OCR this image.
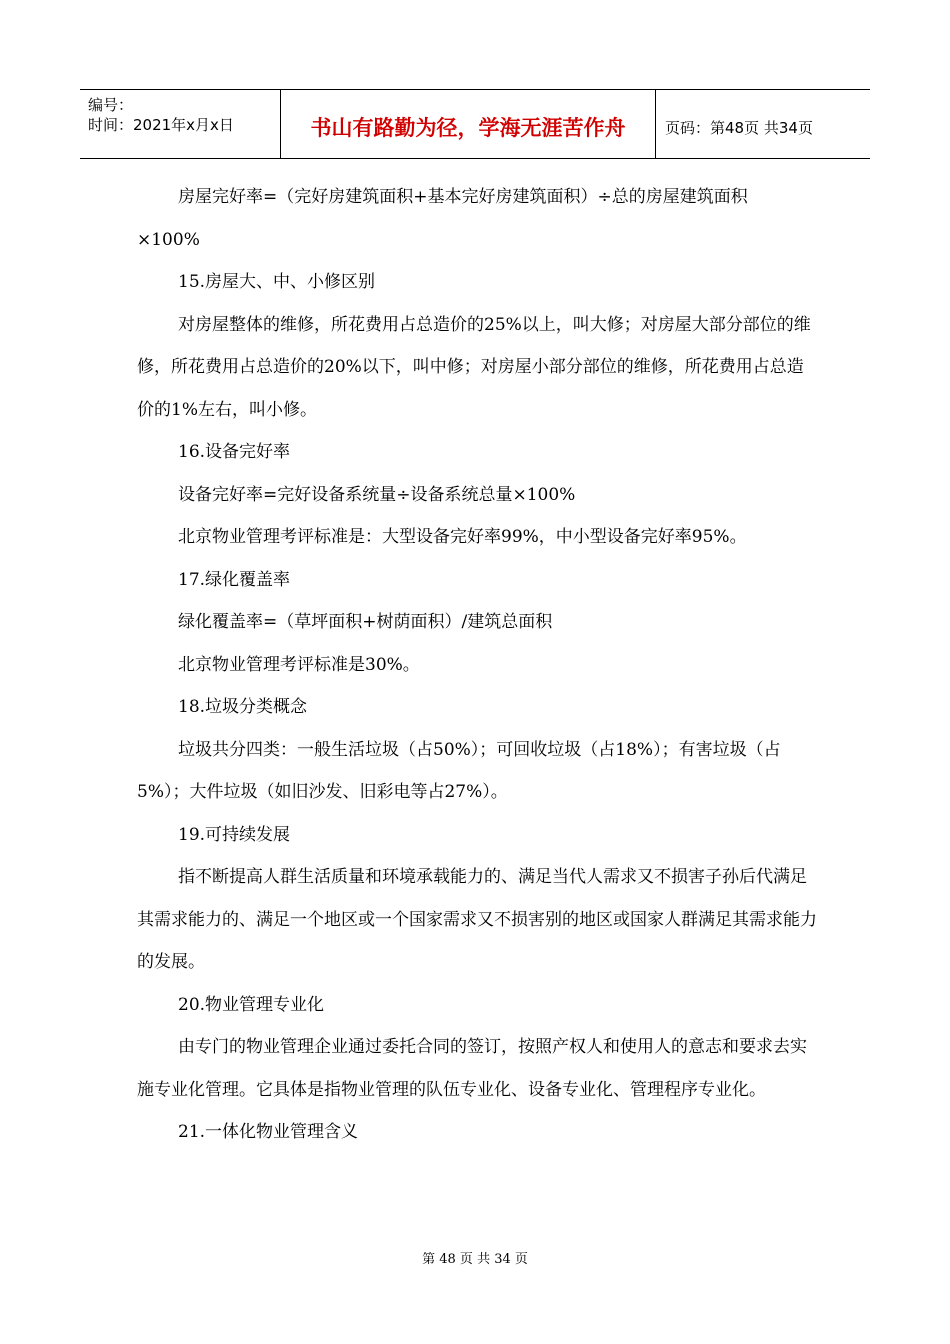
编号：
时间：2021年x月x日	书山有路勤为径，学海无涯苦作舟	页码：第48页 共34页

房屋完好率=（完好房建筑面积+基本完好房建筑面积）÷总的房屋建筑面积

×100%

15.房屋大、中、小修区别

对房屋整体的维修，所花费用占总造价的25%以上，叫大修；对房屋大部分部位的维修，所花费用占总造价的20%以下，叫中修；对房屋小部分部位的维修，所花费用占总造价的1%左右，叫小修。

16.设备完好率

设备完好率=完好设备系统量÷设备系统总量×100%

北京物业管理考评标准是：大型设备完好率99%，中小型设备完好率95%。

17.绿化覆盖率

绿化覆盖率=（草坪面积+树荫面积）/建筑总面积

北京物业管理考评标准是30%。

18.垃圾分类概念

垃圾共分四类：一般生活垃圾（占50%）；可回收垃圾（占18%）；有害垃圾（占5%）；大件垃圾（如旧沙发、旧彩电等占27%）。

19.可持续发展

指不断提高人群生活质量和环境承载能力的、满足当代人需求又不损害子孙后代满足其需求能力的、满足一个地区或一个国家需求又不损害别的地区或国家人群满足其需求能力的发展。

20.物业管理专业化

由专门的物业管理企业通过委托合同的签订，按照产权人和使用人的意志和要求去实施专业化管理。它具体是指物业管理的队伍专业化、设备专业化、管理程序专业化。

21.一体化物业管理含义

第 48 页 共 34 页
